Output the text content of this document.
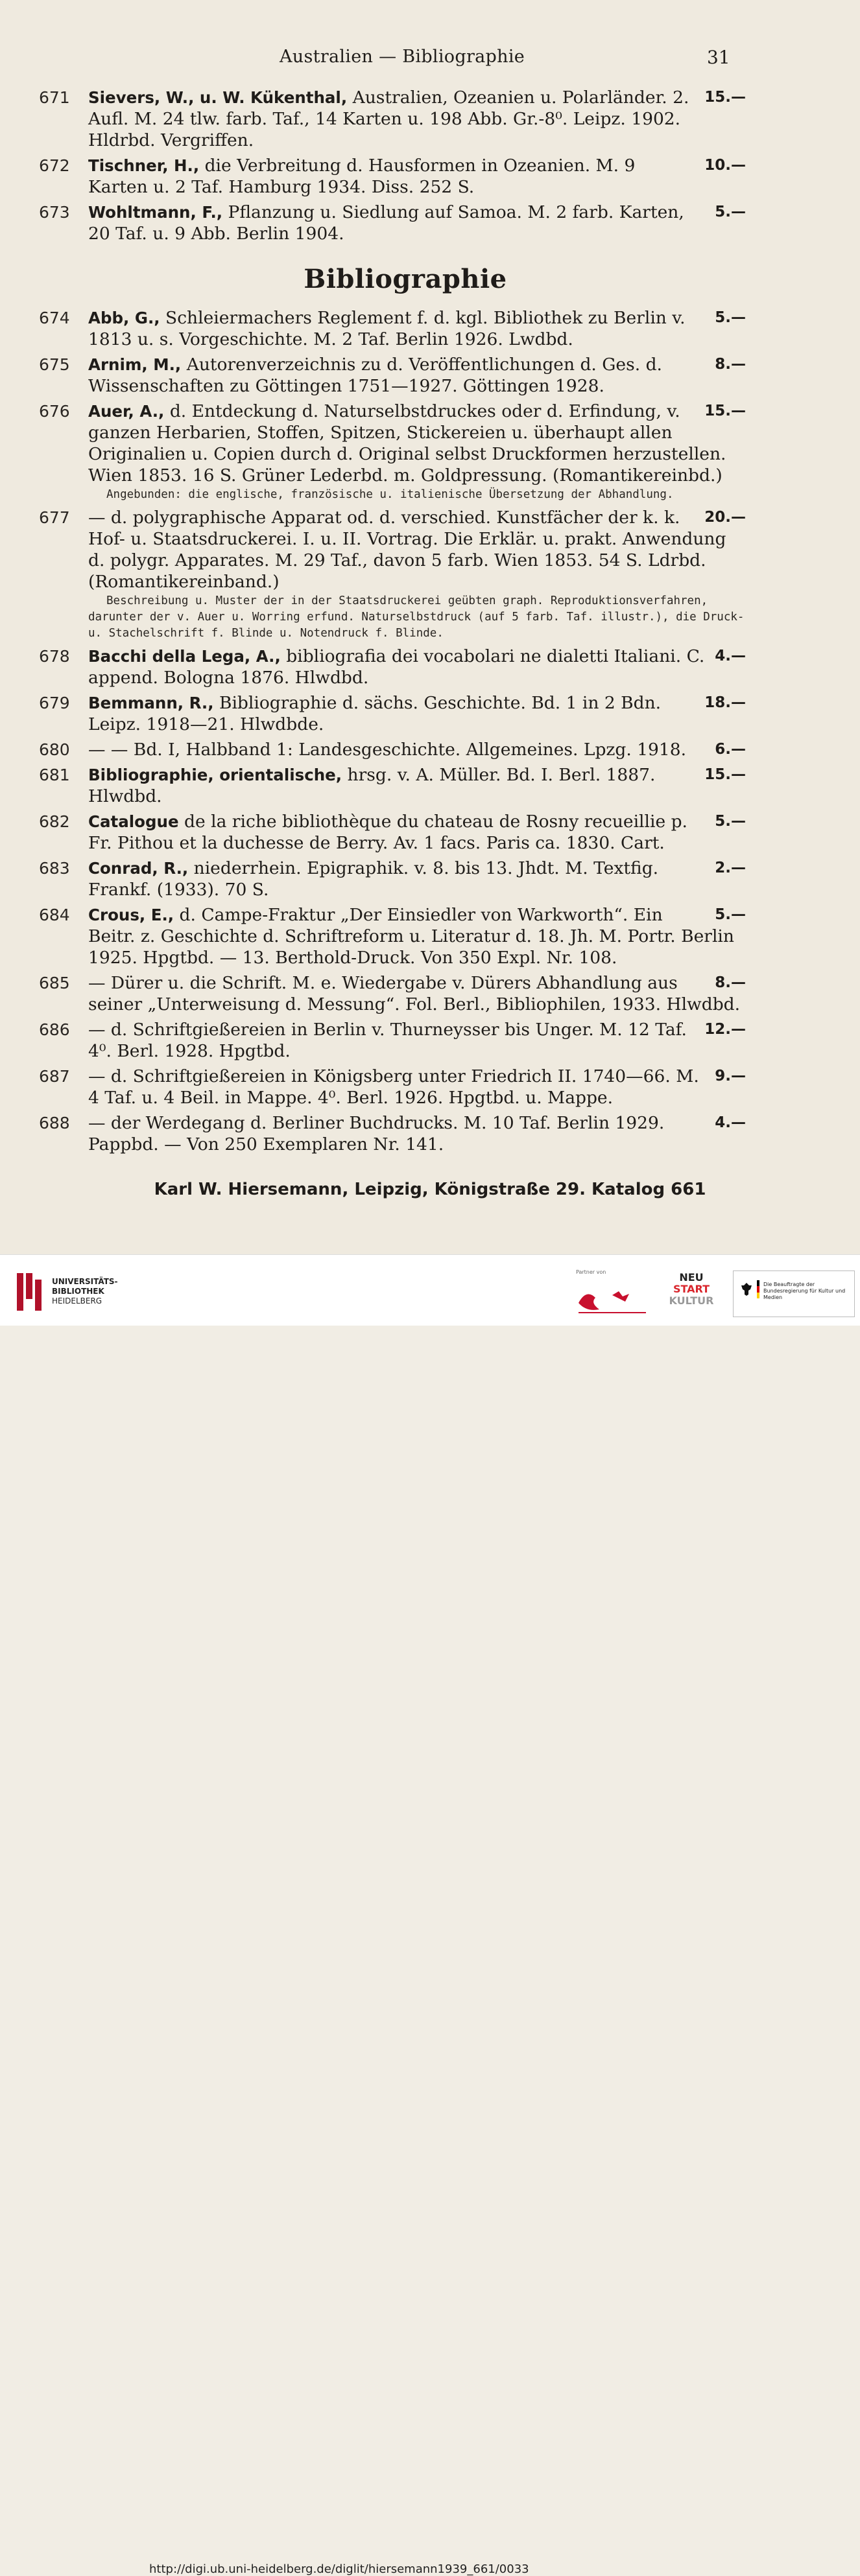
Australien — Bibliographie	31
671	15.—
Sievers, W., u. W. Kükenthal, Australien, Ozeanien u. Polarländer. 2. Aufl. M. 24 tlw. farb. Taf., 14 Karten u. 198 Abb. Gr.-8⁰. Leipz. 1902. Hldrbd. Vergriffen.
672	10.—
Tischner, H., die Verbreitung d. Hausformen in Ozeanien. M. 9 Karten u. 2 Taf. Hamburg 1934. Diss. 252 S.
673	5.—
Wohltmann, F., Pflanzung u. Siedlung auf Samoa. M. 2 farb. Karten, 20 Taf. u. 9 Abb. Berlin 1904.
Bibliographie
674	5.—
Abb, G., Schleiermachers Reglement f. d. kgl. Bibliothek zu Berlin v. 1813 u. s. Vorgeschichte. M. 2 Taf. Berlin 1926. Lwdbd.
675	8.—
Arnim, M., Autorenverzeichnis zu d. Veröffentlichungen d. Ges. d. Wissenschaften zu Göttingen 1751—1927. Göttingen 1928.
676	15.—
Auer, A., d. Entdeckung d. Naturselbstdruckes oder d. Erfindung, v. ganzen Herbarien, Stoffen, Spitzen, Stickereien u. überhaupt allen Originalien u. Copien durch d. Original selbst Druckformen herzustellen. Wien 1853. 16 S. Grüner Lederbd. m. Goldpressung. (Romantikereinbd.)
Angebunden: die englische, französische u. italienische Übersetzung der Abhandlung.
677	20.—
— d. polygraphische Apparat od. d. verschied. Kunstfächer der k. k. Hof- u. Staatsdruckerei. I. u. II. Vortrag. Die Erklär. u. prakt. Anwendung d. polygr. Apparates. M. 29 Taf., davon 5 farb. Wien 1853. 54 S. Ldrbd. (Romantikereinband.)
Beschreibung u. Muster der in der Staatsdruckerei geübten graph. Reproduktionsverfahren, darunter der v. Auer u. Worring erfund. Naturselbstdruck (auf 5 farb. Taf. illustr.), die Druck- u. Stachelschrift f. Blinde u. Notendruck f. Blinde.
678	4.—
Bacchi della Lega, A., bibliografia dei vocabolari ne dialetti Italiani. C. append. Bologna 1876. Hlwdbd.
679	18.—
Bemmann, R., Bibliographie d. sächs. Geschichte. Bd. 1 in 2 Bdn. Leipz. 1918—21. Hlwdbde.
680	6.—
— — Bd. I, Halbband 1: Landesgeschichte. Allgemeines. Lpzg. 1918.
681	15.—
Bibliographie, orientalische, hrsg. v. A. Müller. Bd. I. Berl. 1887. Hlwdbd.
682	5.—
Catalogue de la riche bibliothèque du chateau de Rosny recueillie p. Fr. Pithou et la duchesse de Berry. Av. 1 facs. Paris ca. 1830. Cart.
683	2.—
Conrad, R., niederrhein. Epigraphik. v. 8. bis 13. Jhdt. M. Textfig. Frankf. (1933). 70 S.
684	5.—
Crous, E., d. Campe-Fraktur „Der Einsiedler von Warkworth“. Ein Beitr. z. Geschichte d. Schriftreform u. Literatur d. 18. Jh. M. Portr. Berlin 1925. Hpgtbd. — 13. Berthold-Druck. Von 350 Expl. Nr. 108.
685	8.—
— Dürer u. die Schrift. M. e. Wiedergabe v. Dürers Abhandlung aus seiner „Unterweisung d. Messung“. Fol. Berl., Bibliophilen, 1933. Hlwdbd.
686	12.—
— d. Schriftgießereien in Berlin v. Thurneysser bis Unger. M. 12 Taf. 4⁰. Berl. 1928. Hpgtbd.
687	9.—
— d. Schriftgießereien in Königsberg unter Friedrich II. 1740—66. M. 4 Taf. u. 4 Beil. in Mappe. 4⁰. Berl. 1926. Hpgtbd. u. Mappe.
688	4.—
— der Werdegang d. Berliner Buchdrucks. M. 10 Taf. Berlin 1929. Pappbd. — Von 250 Exemplaren Nr. 141.
Karl W. Hiersemann, Leipzig, Königstraße 29. Katalog 661
UNIVERSITÄTS-
BIBLIOTHEK
HEIDELBERG
Partner von	NEU
START
KULTUR
Die Beauftragte der Bundesregierung für Kultur und Medien
http://digi.ub.uni-heidelberg.de/diglit/hiersemann1939_661/0033
